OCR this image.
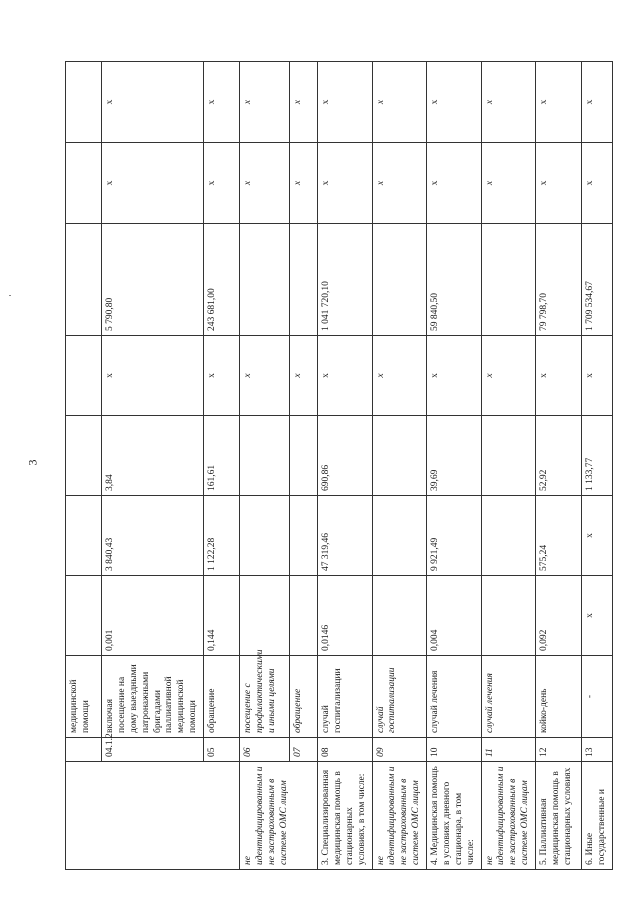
3
		медицинской помощи							
	04.1.2	включая посещение на дому выездными патронажными бригадами паллиативной медицинской помощи	0,001	3 840,43	3,84	х	5 790,80	х	х
	05	обращение	0,144	1 122,28	161,61	х	243 681,00	х	х
не идентифицированным и не застрахованным в системе ОМС лицам	06	посещение с профилактическими и иными целями				х		х	х
	07	обращение				х		х	х
3. Специализированная медицинская помощь в стационарных условиях, в том числе:	08	случай госпитализации	0,0146	47 319,46	690,86	х	1 041 720,10	х	х
не идентифицированным и не застрахованным в системе ОМС лицам	09	случай госпитализации				х		х	х
4. Медицинская помощь в условиях дневного стационара, в том числе:	10	случай лечения	0,004	9 921,49	39,69	х	59 840,50	х	х
не идентифицированным и не застрахованным в системе ОМС лицам	11	случай лечения				х		х	х
5. Паллиативная медицинская помощь в стационарных условиях	12	койко-день	0,092	575,24	52,92	х	79 798,70	х	х
6. Иные государственные и	13	-	х	х	1 133,77	х	1 709 534,67	х	х
